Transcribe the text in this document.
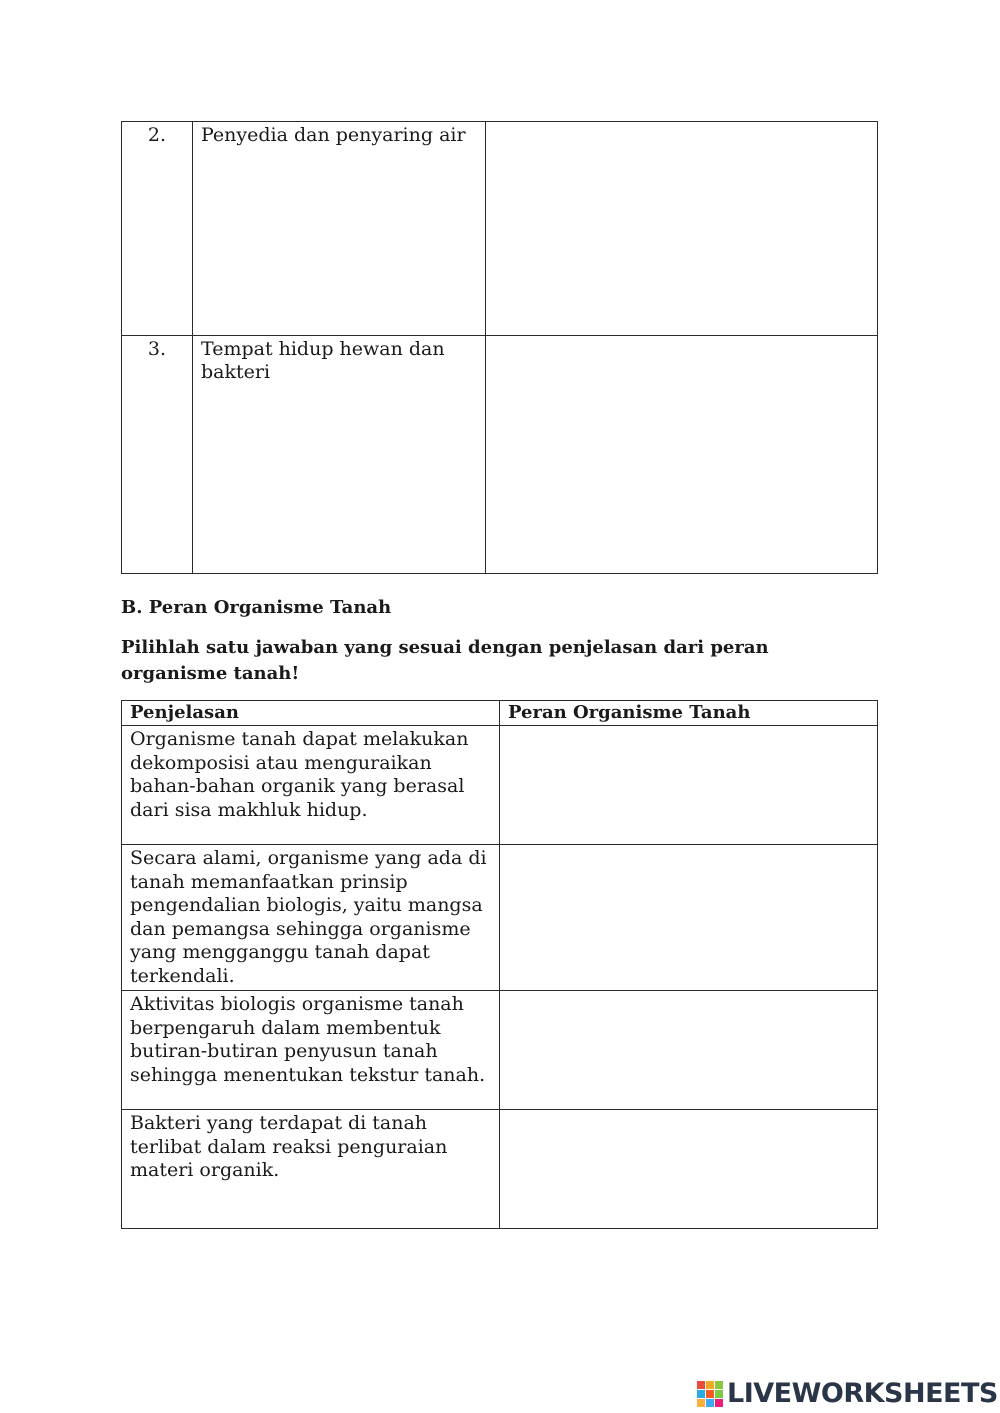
2.	Penyedia dan penyaring air	
3.	Tempat hidup hewan dan bakteri	
B. Peran Organisme Tanah
Pilihlah satu jawaban yang sesuai dengan penjelasan dari peran organisme tanah!
Penjelasan	Peran Organisme Tanah
Organisme tanah dapat melakukan dekomposisi atau menguraikan bahan-bahan organik yang berasal dari sisa makhluk hidup.	
Secara alami, organisme yang ada di tanah memanfaatkan prinsip pengendalian biologis, yaitu mangsa dan pemangsa sehingga organisme yang mengganggu tanah dapat terkendali.	
Aktivitas biologis organisme tanah berpengaruh dalam membentuk butiran-butiran penyusun tanah sehingga menentukan tekstur tanah.	
Bakteri yang terdapat di tanah terlibat dalam reaksi penguraian materi organik.	
LIVEWORKSHEETS
